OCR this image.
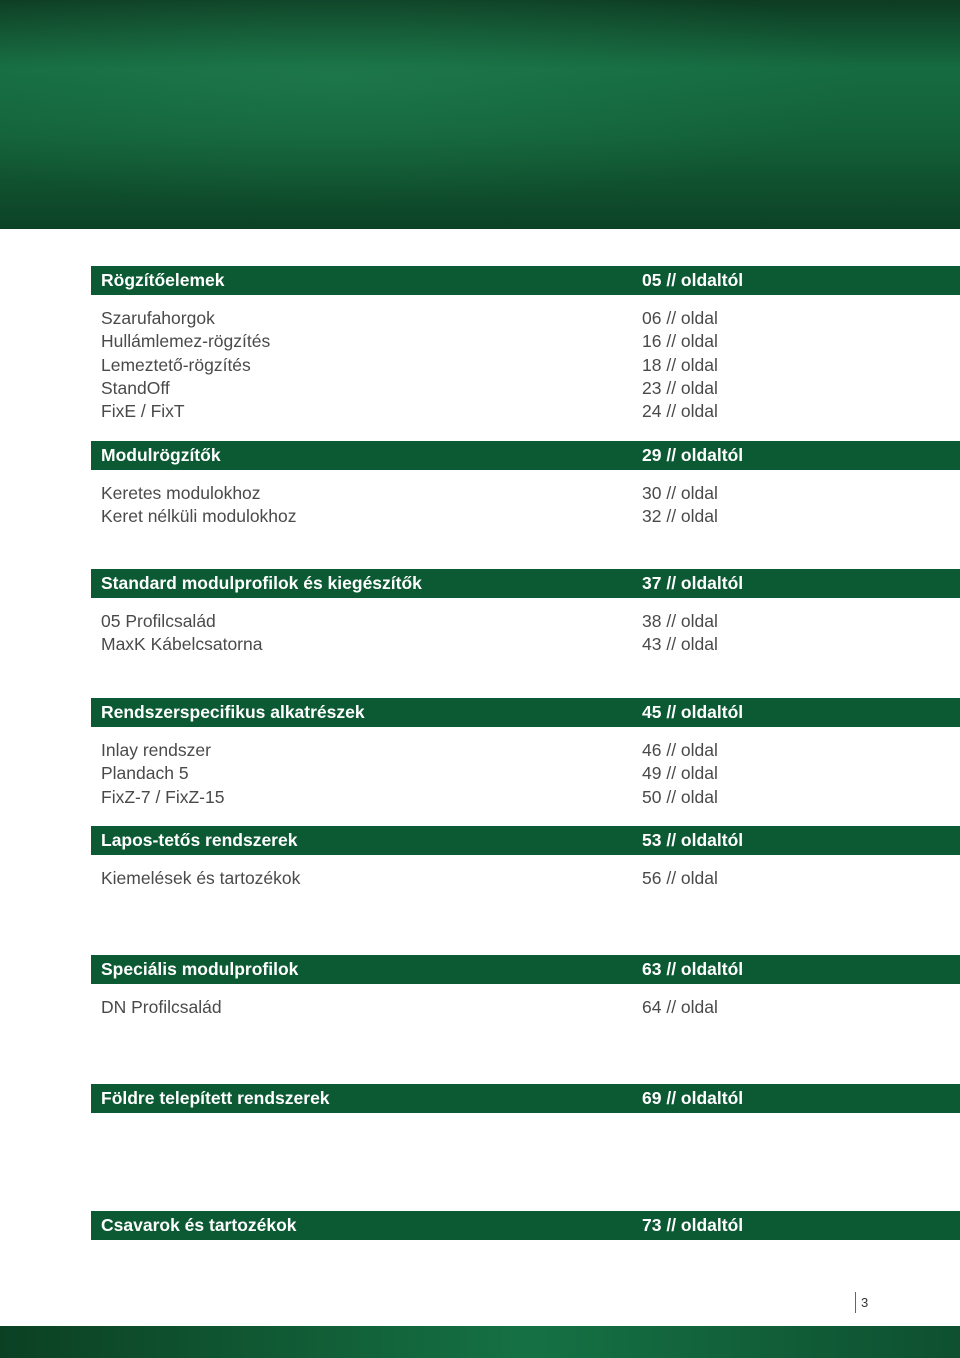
Rögzítőelemek	05 // oldaltól
Szarufahorgok	06 // oldal
Hullámlemez-rögzítés	16 // oldal
Lemeztető-rögzítés	18 // oldal
StandOff	23 // oldal
FixE / FixT	24 // oldal
Modulrögzítők	29 // oldaltól
Keretes modulokhoz	30 // oldal
Keret nélküli modulokhoz	32 // oldal
Standard modulprofilok és kiegészítők	37 // oldaltól
05 Profilcsalád	38 // oldal
MaxK Kábelcsatorna	43 // oldal
Rendszerspecifikus alkatrészek	45 // oldaltól
Inlay rendszer	46 // oldal
Plandach 5	49 // oldal
FixZ-7 / FixZ-15	50 // oldal
Lapos-tetős rendszerek	53 // oldaltól
Kiemelések és tartozékok	56 // oldal
Speciális modulprofilok	63 // oldaltól
DN Profilcsalád	64 // oldal
Földre telepített rendszerek	69 // oldaltól
Csavarok és tartozékok	73 // oldaltól
3
